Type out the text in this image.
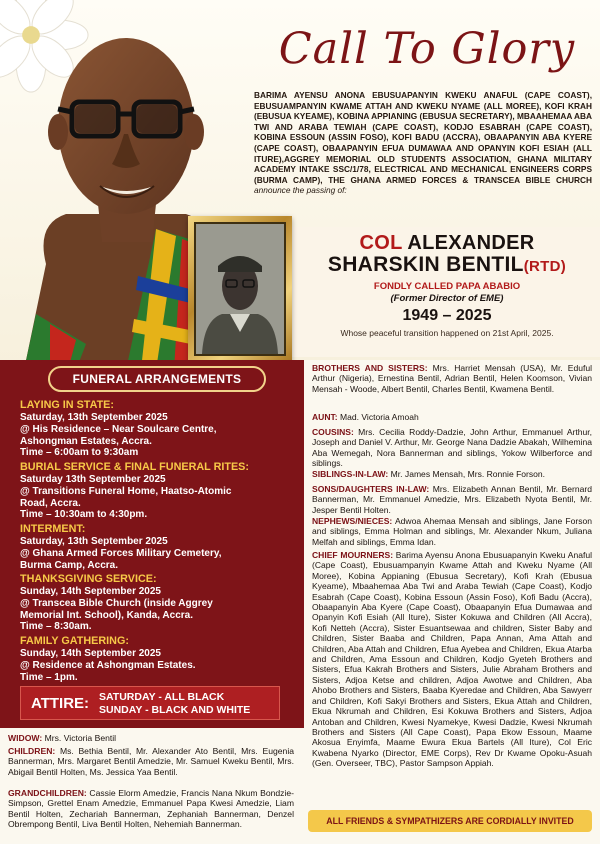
Call To Glory
BARIMA AYENSU ANONA EBUSUAPANYIN KWEKU ANAFUL (CAPE COAST), EBUSUAMPANYIN KWAME ATTAH AND KWEKU NYAME (ALL MOREE), KOFI KRAH (EBUSUA KYEAME), KOBINA APPIANING (EBUSUA SECRETARY), MBAAHEMAA ABA TWI AND ARABA TEWIAH (CAPE COAST), KODJO ESABRAH (CAPE COAST), KOBINA ESSOUN (ASSIN FOSO), KOFI BADU (ACCRA), OBAAPANYIN ABA KYERE (CAPE COAST), OBAAPANYIN EFUA DUMAWAA AND OPANYIN KOFI ESIAH (ALL ITURE),AGGREY MEMORIAL OLD STUDENTS ASSOCIATION, GHANA MILITARY ACADEMY INTAKE SSC/1/78, ELECTRICAL AND MECHANICAL ENGINEERS CORPS (BURMA CAMP), THE GHANA ARMED FORCES & TRANSCEA BIBLE CHURCH announce the passing of:
COL ALEXANDER
SHARSKIN BENTIL(RTD)
FONDLY CALLED PAPA ABABIO
(Former Director of EME)
1949 – 2025
Whose peaceful transition happened on 21st April, 2025.
FUNERAL ARRANGEMENTS
LAYING IN STATE:
Saturday, 13th September 2025
@ His Residence – Near Soulcare Centre,
Ashongman Estates, Accra.
Time – 6:00am to 9:30am
BURIAL SERVICE & FINAL FUNERAL RITES:
Saturday 13th September 2025
@ Transitions Funeral Home, Haatso-Atomic
Road, Accra.
Time – 10:30am to 4:30pm.
INTERMENT:
Saturday, 13th September 2025
@ Ghana Armed Forces Military Cemetery,
Burma Camp, Accra.
THANKSGIVING SERVICE:
Sunday, 14th September 2025
@ Transcea Bible Church (inside Aggrey
Memorial Int. School), Kanda, Accra.
Time – 8:30am.
FAMILY GATHERING:
Sunday, 14th September 2025
@ Residence at Ashongman Estates.
Time – 1pm.
ATTIRE: SATURDAY - ALL BLACK
SUNDAY - BLACK AND WHITE
WIDOW: Mrs. Victoria Bentil
CHILDREN: Ms. Bethia Bentil, Mr. Alexander Ato Bentil, Mrs. Eugenia Bannerman, Mrs. Margaret Bentil Amedzie, Mr. Samuel Kweku Bentil, Mrs. Abigail Bentil Holten, Ms. Jessica Yaa Bentil.
GRANDCHILDREN: Cassie Elorm Amedzie, Francis Nana Nkum Bondzie-Simpson, Grettel Enam Amedzie, Emmanuel Papa Kwesi Amedzie, Liam Bentil Holten, Zechariah Bannerman, Zephaniah Bannerman, Denzel Obrempong Bentil, Liva Bentil Holten, Nehemiah Bannerman.
BROTHERS AND SISTERS: Mrs. Harriet Mensah (USA), Mr. Eduful Arthur (Nigeria), Ernestina Bentil, Adrian Bentil, Helen Koomson, Vivian Mensah - Woode, Albert Bentil, Charles Bentil, Kwamena Bentil.
AUNT: Mad. Victoria Amoah
COUSINS: Mrs. Cecilia Roddy-Dadzie, John Arthur, Emmanuel Arthur, Joseph and Daniel V. Arthur, Mr. George Nana Dadzie Abakah, Wilhemina Aba Wemegah, Nora Bannerman and siblings, Yokow Wilberforce and siblings.
SIBLINGS-IN-LAW: Mr. James Mensah, Mrs. Ronnie Forson.
SONS/DAUGHTERS IN-LAW: Mrs. Elizabeth Annan Bentil, Mr. Bernard Bannerman, Mr. Emmanuel Amedzie, Mrs. Elizabeth Nyota Bentil, Mr. Jesper Bentil Holten.
NEPHEWS/NIECES: Adwoa Ahemaa Mensah and siblings, Jane Forson and siblings, Emma Holman and siblings, Mr. Alexander Nkum, Juliana Melfah and siblings, Emma Idan.
CHIEF MOURNERS: Barima Ayensu Anona Ebusuapanyin Kweku Anaful (Cape Coast), Ebusuampanyin Kwame Attah and Kweku Nyame (All Moree), Kobina Appianing (Ebusua Secretary), Kofi Krah (Ebusua Kyeame), Mbaahemaa Aba Twi and Araba Tewiah (Cape Coast), Kodjo Esabrah (Cape Coast), Kobina Essoun (Assin Foso), Kofi Badu (Accra), Obaapanyin Aba Kyere (Cape Coast), Obaapanyin Efua Dumawaa and Opanyin Kofi Esiah (All Iture), Sister Kokuwa and Children (All Accra), Kofi Netteh (Accra), Sister Esuantsewaa and children, Sister Baby and Children, Sister Baaba and Children, Papa Annan, Ama Attah and Children, Aba Attah and Children, Efua Ayebea and Children, Ekua Atarba and Children, Ama Essoun and Children, Kodjo Gyeteh Brothers and Sisters, Efua Kakrah Brothers and Sisters, Julie Abraham Brothers and Sisters, Adjoa Ketse and children, Adjoa Awotwe and Children, Aba Ahobo Brothers and Sisters, Baaba Kyeredae and Children, Aba Sawyerr and Children, Kofi Sakyi Brothers and Sisters, Ekua Attah and Children, Ekua Nkrumah and Children, Esi Kokuwa Brothers and Sisters, Adjoa Antoban and Children, Kwesi Nyamekye, Kwesi Dadzie, Kwesi Nkrumah Brothers and Sisters (All Cape Coast), Papa Ekow Essoun, Maame Akosua Enyimfa, Maame Ewura Ekua Bartels (All Iture), Col Eric Kwabena Nyarko (Director, EME Corps), Rev Dr Kwame Opoku-Asuah (Gen. Overseer, TBC), Pastor Sampson Appiah.
ALL FRIENDS & SYMPATHIZERS ARE CORDIALLY INVITED
